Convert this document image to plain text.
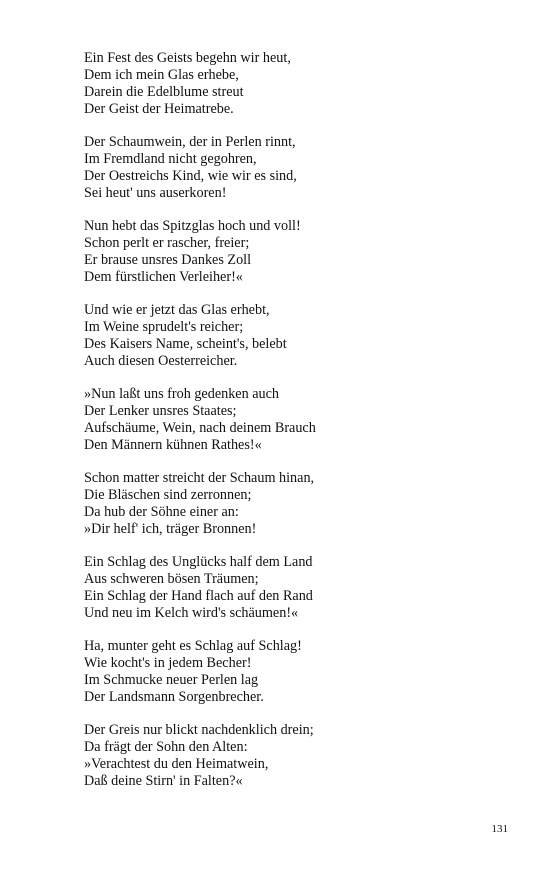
Ein Fest des Geists begehn wir heut,
Dem ich mein Glas erhebe,
Darein die Edelblume streut
Der Geist der Heimatrebe.
Der Schaumwein, der in Perlen rinnt,
Im Fremdland nicht gegohren,
Der Oestreichs Kind, wie wir es sind,
Sei heut' uns auserkoren!
Nun hebt das Spitzglas hoch und voll!
Schon perlt er rascher, freier;
Er brause unsres Dankes Zoll
Dem fürstlichen Verleiher!«
Und wie er jetzt das Glas erhebt,
Im Weine sprudelt's reicher;
Des Kaisers Name, scheint's, belebt
Auch diesen Oesterreicher.
»Nun laßt uns froh gedenken auch
Der Lenker unsres Staates;
Aufschäume, Wein, nach deinem Brauch
Den Männern kühnen Rathes!«
Schon matter streicht der Schaum hinan,
Die Bläschen sind zerronnen;
Da hub der Söhne einer an:
»Dir helf' ich, träger Bronnen!
Ein Schlag des Unglücks half dem Land
Aus schweren bösen Träumen;
Ein Schlag der Hand flach auf den Rand
Und neu im Kelch wird's schäumen!«
Ha, munter geht es Schlag auf Schlag!
Wie kocht's in jedem Becher!
Im Schmucke neuer Perlen lag
Der Landsmann Sorgenbrecher.
Der Greis nur blickt nachdenklich drein;
Da frägt der Sohn den Alten:
»Verachtest du den Heimatwein,
Daß deine Stirn' in Falten?«
131
